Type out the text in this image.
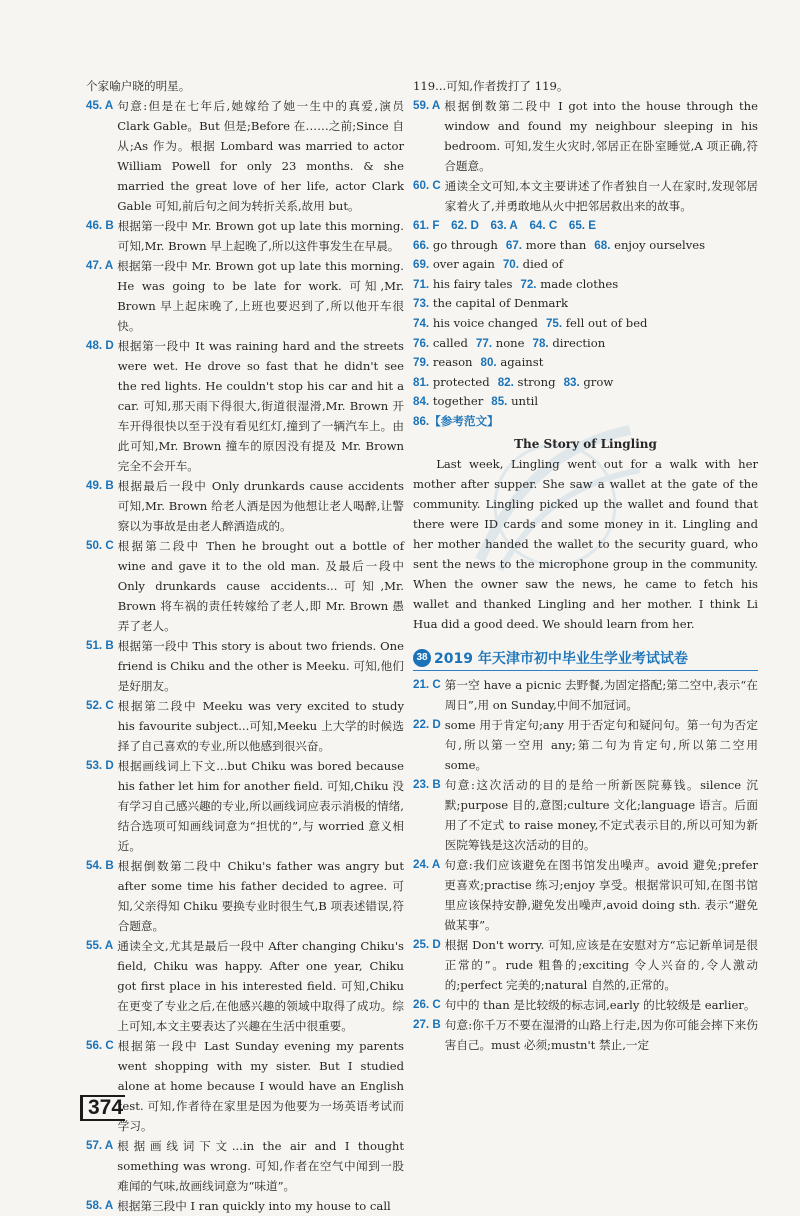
个家喻户晓的明星。

45. A 句意:但是在七年后,她嫁给了她一生中的真爱,演员 Clark Gable。But 但是;Before 在……之前;Since 自从;As 作为。根据 Lombard was married to actor William Powell for only 23 months. & she married the great love of her life, actor Clark Gable 可知,前后句之间为转折关系,故用 but。
46. B 根据第一段中 Mr. Brown got up late this morning. 可知,Mr. Brown 早上起晚了,所以这件事发生在早晨。
47. A 根据第一段中 Mr. Brown got up late this morning. He was going to be late for work. 可知,Mr. Brown 早上起床晚了,上班也要迟到了,所以他开车很快。
48. D 根据第一段中 It was raining hard and the streets were wet. He drove so fast that he didn't see the red lights. He couldn't stop his car and hit a car. 可知,那天雨下得很大,街道很湿滑,Mr. Brown 开车开得很快以至于没有看见红灯,撞到了一辆汽车上。由此可知,Mr. Brown 撞车的原因没有提及 Mr. Brown 完全不会开车。
49. B 根据最后一段中 Only drunkards cause accidents 可知,Mr. Brown 给老人酒是因为他想让老人喝醉,让警察以为事故是由老人醉酒造成的。
50. C 根据第二段中 Then he brought out a bottle of wine and gave it to the old man. 及最后一段中 Only drunkards cause accidents...可知,Mr. Brown 将车祸的责任转嫁给了老人,即 Mr. Brown 愚弄了老人。
51. B 根据第一段中 This story is about two friends. One friend is Chiku and the other is Meeku. 可知,他们是好朋友。
52. C 根据第二段中 Meeku was very excited to study his favourite subject...可知,Meeku 上大学的时候选择了自己喜欢的专业,所以他感到很兴奋。
53. D 根据画线词上下文...but Chiku was bored because his father let him for another field. 可知,Chiku 没有学习自己感兴趣的专业,所以画线词应表示消极的情绪,结合选项可知画线词意为“担忧的”,与 worried 意义相近。
54. B 根据倒数第二段中 Chiku's father was angry but after some time his father decided to agree. 可知,父亲得知 Chiku 要换专业时很生气,B 项表述错误,符合题意。
55. A 通读全文,尤其是最后一段中 After changing Chiku's field, Chiku was happy. After one year, Chiku got first place in his interested field. 可知,Chiku 在更变了专业之后,在他感兴趣的领域中取得了成功。综上可知,本文主要表达了兴趣在生活中很重要。
56. C 根据第一段中 Last Sunday evening my parents went shopping with my sister. But I studied alone at home because I would have an English test. 可知,作者待在家里是因为他要为一场英语考试而学习。
57. A 根据画线词下文...in the air and I thought something was wrong. 可知,作者在空气中闻到一股难闻的气味,故画线词意为“味道”。
58. A 根据第三段中 I ran quickly into my house to call

119...可知,作者拨打了 119。

59. A 根据倒数第二段中 I got into the house through the window and found my neighbour sleeping in his bedroom. 可知,发生火灾时,邻居正在卧室睡觉,A 项正确,符合题意。
60. C 通读全文可知,本文主要讲述了作者独自一人在家时,发现邻居家着火了,并勇敢地从火中把邻居救出来的故事。
61. F 62. D 63. A 64. C 65. E
66. go through 67. more than 68. enjoy ourselves
69. over again 70. died of
71. his fairy tales 72. made clothes
73. the capital of Denmark
74. his voice changed 75. fell out of bed
76. called 77. none 78. direction
79. reason 80. against
81. protected 82. strong 83. grow
84. together 85. until
86.【参考范文】
The Story of Lingling

Last week, Lingling went out for a walk with her mother after supper. She saw a wallet at the gate of the community. Lingling picked up the wallet and found that there were ID cards and some money in it. Lingling and her mother handed the wallet to the security guard, who sent the news to the microphone group in the community. When the owner saw the news, he came to fetch his wallet and thanked Lingling and her mother. I think Li Hua did a good deed. We should learn from her.

38 2019 年天津市初中毕业生学业考试试卷
21. C 第一空 have a picnic 去野餐,为固定搭配;第二空中,表示“在周日”,用 on Sunday,中间不加冠词。
22. D some 用于肯定句;any 用于否定句和疑问句。第一句为否定句,所以第一空用 any;第二句为肯定句,所以第二空用 some。
23. B 句意:这次活动的目的是给一所新医院募钱。silence 沉默;purpose 目的,意图;culture 文化;language 语言。后面用了不定式 to raise money,不定式表示目的,所以可知为新医院筹钱是这次活动的目的。
24. A 句意:我们应该避免在图书馆发出噪声。avoid 避免;prefer 更喜欢;practise 练习;enjoy 享受。根据常识可知,在图书馆里应该保持安静,避免发出噪声,avoid doing sth. 表示“避免做某事”。
25. D 根据 Don't worry. 可知,应该是在安慰对方“忘记新单词是很正常的”。rude 粗鲁的;exciting 令人兴奋的,令人激动的;perfect 完美的;natural 自然的,正常的。
26. C 句中的 than 是比较级的标志词,early 的比较级是 earlier。
27. B 句意:你千万不要在湿滑的山路上行走,因为你可能会摔下来伤害自己。must 必须;mustn't 禁止,一定
374
